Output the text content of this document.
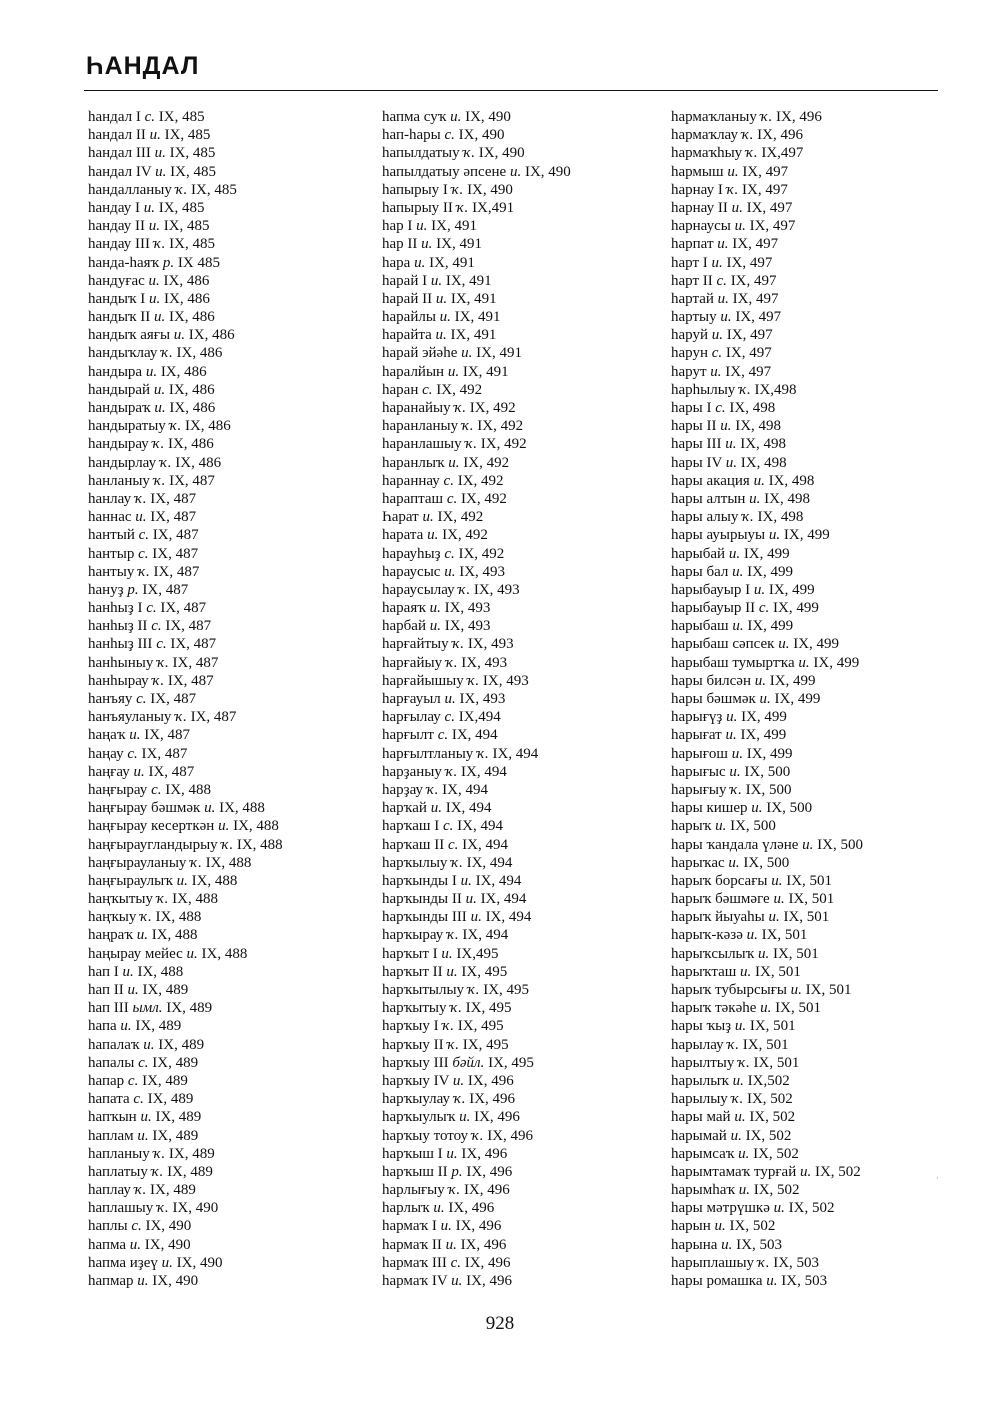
ҺАНДАЛ
һандал I с. IX, 485
һандал II и. IX, 485
һандал III и. IX, 485
һандал IV и. IX, 485
һандалланыу ҡ. IX, 485
һандау I и. IX, 485
һандау II и. IX, 485
һандау III ҡ. IX, 485
һанда-һаяҡ р. IX 485
һандуғас и. IX, 486
һандыҡ I и. IX, 486
һандыҡ II и. IX, 486
һандыҡ аяғы и. IX, 486
һандыҡлау ҡ. IX, 486
һандыра и. IX, 486
һандырай и. IX, 486
һандыраҡ и. IX, 486
һандыратыу ҡ. IX, 486
һандырау ҡ. IX, 486
һандырлау ҡ. IX, 486
һанланыу ҡ. IX, 487
һанлау ҡ. IX, 487
һаннас и. IX, 487
һантый с. IX, 487
һантыр с. IX, 487
һантыу ҡ. IX, 487
һануҙ р. IX, 487
һанһыҙ I с. IX, 487
һанһыҙ II с. IX, 487
һанһыҙ III с. IX, 487
һанһыныу ҡ. IX, 487
һанһырау ҡ. IX, 487
һанъяу с. IX, 487
һанъяуланыу ҡ. IX, 487
һаңаҡ и. IX, 487
һаңау с. IX, 487
һаңғау и. IX, 487
һаңғырау с. IX, 488
һаңғырау бәшмәк и. IX, 488
һаңғырау кесерткән и. IX, 488
һаңғыраугландырыу ҡ. IX, 488
һаңғырауланыу ҡ. IX, 488
һаңғыраулыҡ и. IX, 488
һаңҡытыу ҡ. IX, 488
һаңҡыу ҡ. IX, 488
һаңраҡ и. IX, 488
һаңырау мейес и. IX, 488
һап I и. IX, 488
һап II и. IX, 489
һап III ымл. IX, 489
һапа и. IX, 489
һапалаҡ и. IX, 489
һапалы с. IX, 489
һапар с. IX, 489
һапата с. IX, 489
һапҡын и. IX, 489
һаплам и. IX, 489
һапланыу ҡ. IX, 489
һаплатыу ҡ. IX, 489
һаплау ҡ. IX, 489
һаплашыу ҡ. IX, 490
һаплы с. IX, 490
һапма и. IX, 490
һапма иҙеү и. IX, 490
һапмар и. IX, 490
һапма суҡ и. IX, 490
һап-һары с. IX, 490
һапылдатыу ҡ. IX, 490
һапылдатыу әпсене и. IX, 490
һапырыу I ҡ. IX, 490
һапырыу II ҡ. IX,491
һар I и. IX, 491
һар II и. IX, 491
һара и. IX, 491
һарай I и. IX, 491
һарай II и. IX, 491
һарайлы и. IX, 491
һарайта и. IX, 491
һарай эйәһе и. IX, 491
һаралйын и. IX, 491
һаран с. IX, 492
һаранайыу ҡ. IX, 492
һаранланыу ҡ. IX, 492
һаранлашыу ҡ. IX, 492
һаранлыҡ и. IX, 492
һараннау с. IX, 492
һарапташ с. IX, 492
Һарат и. IX, 492
һарата и. IX, 492
һарауһыҙ с. IX, 492
һараусыс и. IX, 493
һараусылау ҡ. IX, 493
һараяҡ и. IX, 493
һарбай и. IX, 493
һарғайтыу ҡ. IX, 493
һарғайыу ҡ. IX, 493
һарғайышыу ҡ. IX, 493
һарғауыл и. IX, 493
һарғылау с. IX,494
һарғылт с. IX, 494
һарғылтланыу ҡ. IX, 494
һарҙаныу ҡ. IX, 494
һарҙау ҡ. IX, 494
һарҡай и. IX, 494
һарҡаш I с. IX, 494
һарҡаш II с. IX, 494
һарҡылыу ҡ. IX, 494
һарҡынды I и. IX, 494
һарҡынды II и. IX, 494
һарҡынды III и. IX, 494
һарҡырау ҡ. IX, 494
һарҡыт I и. IX,495
һарҡыт II и. IX, 495
һарҡытылыу ҡ. IX, 495
һарҡытыу ҡ. IX, 495
һарҡыу I ҡ. IX, 495
һарҡыу II ҡ. IX, 495
һарҡыу III бәйл. IX, 495
һарҡыу IV и. IX, 496
һарҡыулау ҡ. IX, 496
һарҡыулыҡ и. IX, 496
һарҡыу тотоу ҡ. IX, 496
һарҡыш I и. IX, 496
һарҡыш II р. IX, 496
һарлығыу ҡ. IX, 496
һарлыҡ и. IX, 496
һармаҡ I и. IX, 496
һармаҡ II и. IX, 496
һармаҡ III с. IX, 496
һармаҡ IV и. IX, 496
һармаҡланыу ҡ. IX, 496
һармаҡлау ҡ. IX, 496
һармаҡһыу ҡ. IX,497
һармыш и. IX, 497
һарнау I ҡ. IX, 497
һарнау II и. IX, 497
һарнаусы и. IX, 497
һарпат и. IX, 497
һарт I и. IX, 497
һарт II с. IX, 497
һартай и. IX, 497
һартыу и. IX, 497
һаруй и. IX, 497
һарун с. IX, 497
һарут и. IX, 497
һарһылыу ҡ. IX,498
һары I с. IX, 498
һары II и. IX, 498
һары III и. IX, 498
һары IV и. IX, 498
һары акация и. IX, 498
һары алтын и. IX, 498
һары алыу ҡ. IX, 498
һары ауырыуы и. IX, 499
һарыбай и. IX, 499
һары бал и. IX, 499
һарыбауыр I и. IX, 499
һарыбауыр II с. IX, 499
һарыбаш и. IX, 499
һарыбаш сәпсек и. IX, 499
һарыбаш тумыртҡа и. IX, 499
һары билсән и. IX, 499
һары бәшмәк и. IX, 499
һарығүҙ и. IX, 499
һарығат и. IX, 499
һарығош и. IX, 499
һарығыс и. IX, 500
һарығыу ҡ. IX, 500
һары кишер и. IX, 500
һарыҡ и. IX, 500
һары ҡандала үләне и. IX, 500
һарыҡас и. IX, 500
һарыҡ борсағы и. IX, 501
һарыҡ бәшмәге и. IX, 501
һарыҡ йыуаһы и. IX, 501
һарыҡ-кәзә и. IX, 501
һарыҡсылыҡ и. IX, 501
һарыҡташ и. IX, 501
һарыҡ тубырсығы и. IX, 501
һарыҡ тәкәһе и. IX, 501
һары ҡыҙ и. IX, 501
һарылау ҡ. IX, 501
һарылтыу ҡ. IX, 501
һарылыҡ и. IX,502
һарылыу ҡ. IX, 502
һары май и. IX, 502
һарымай и. IX, 502
һарымсаҡ и. IX, 502
һарымтамаҡ турғай и. IX, 502
һарымһаҡ и. IX, 502
һары мәтрүшкә и. IX, 502
һарын и. IX, 502
һарына и. IX, 503
һарыплашыу ҡ. IX, 503
һары ромашка и. IX, 503
·
928
